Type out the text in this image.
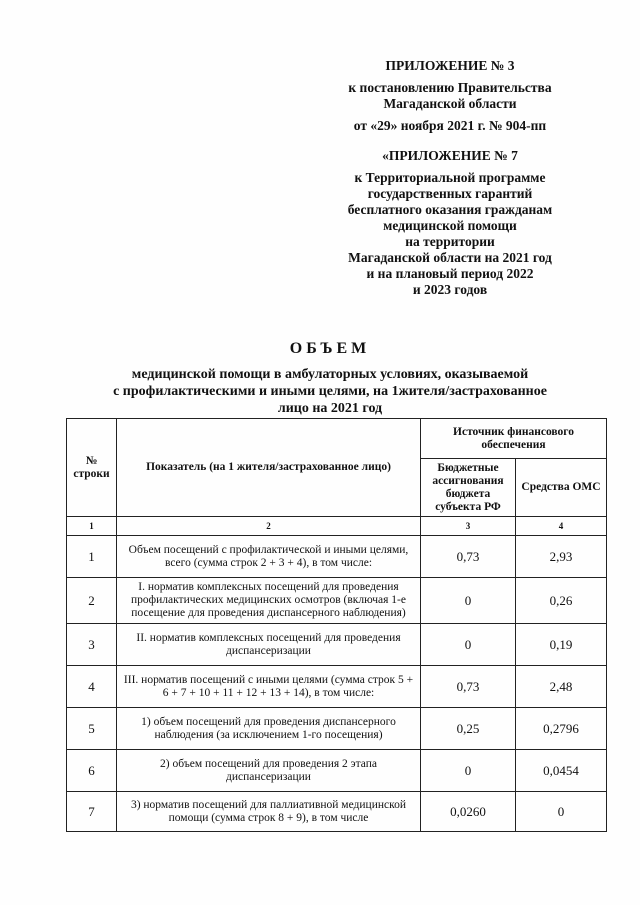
ПРИЛОЖЕНИЕ № 3

к постановлению Правительства

Магаданской области

от «29» ноября 2021 г. № 904-пп

«ПРИЛОЖЕНИЕ № 7

к Территориальной программе

государственных гарантий

бесплатного оказания гражданам

медицинской помощи

на территории

Магаданской области на 2021 год

и на плановый период 2022

и 2023 годов

ОБЪЕМ

медицинской помощи в амбулаторных условиях, оказываемой

с профилактическими и иными целями, на 1жителя/застрахованное

лицо на 2021 год

№ строки	Показатель (на 1 жителя/застрахованное лицо)	Источник финансового обеспечения	
		Бюджетные ассигнования бюджета субъекта РФ	Средства ОМС
1	2	3	4
1	Объем посещений с профилактической и иными целями, всего (сумма строк 2 + 3 + 4), в том числе:	0,73	2,93
2	I. норматив комплексных посещений для проведения профилактических медицинских осмотров (включая 1-е посещение для проведения диспансерного наблюдения)	0	0,26
3	II. норматив комплексных посещений для проведения диспансеризации	0	0,19
4	III. норматив посещений с иными целями (сумма строк 5 + 6 + 7 + 10 + 11 + 12 + 13 + 14), в том числе:	0,73	2,48
5	1) объем посещений для проведения диспансерного наблюдения (за исключением 1-го посещения)	0,25	0,2796
6	2) объем посещений для проведения 2 этапа диспансеризации	0	0,0454
7	3) норматив посещений для паллиативной медицинской помощи (сумма строк 8 + 9), в том числе	0,0260	0
